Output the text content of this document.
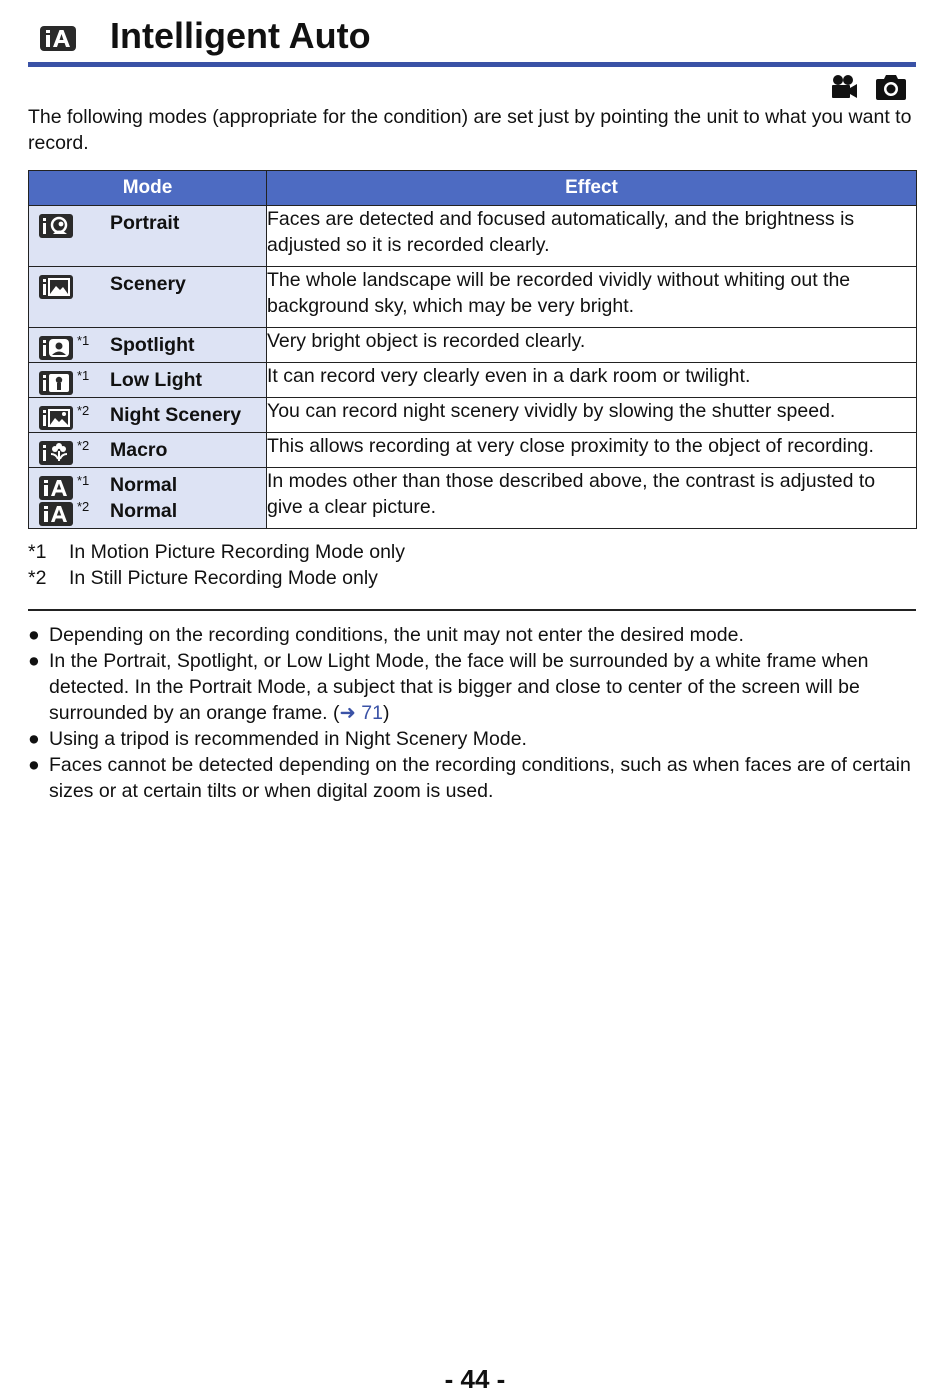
Intelligent Auto

The following modes (appropriate for the condition) are set just by pointing the unit to what you want to record.

Mode	Effect

Portrait	Faces are detected and focused automatically, and the brightness is adjusted so it is recorded clearly.

Scenery	The whole landscape will be recorded vividly without whiting out the background sky, which may be very bright.

*1 Spotlight	Very bright object is recorded clearly.

*1 Low Light	It can record very clearly even in a dark room or twilight.

*2 Night Scenery	You can record night scenery vividly by slowing the shutter speed.

*2 Macro	This allows recording at very close proximity to the object of recording.

*1 Normal
*2 Normal	In modes other than those described above, the contrast is adjusted to give a clear picture.
*1 In Motion Picture Recording Mode only
*2 In Still Picture Recording Mode only
● Depending on the recording conditions, the unit may not enter the desired mode.
● In the Portrait, Spotlight, or Low Light Mode, the face will be surrounded by a white frame when detected. In the Portrait Mode, a subject that is bigger and close to center of the screen will be surrounded by an orange frame. (➜ 71)
● Using a tripod is recommended in Night Scenery Mode.
● Faces cannot be detected depending on the recording conditions, such as when faces are of certain sizes or at certain tilts or when digital zoom is used.
- 44 -
